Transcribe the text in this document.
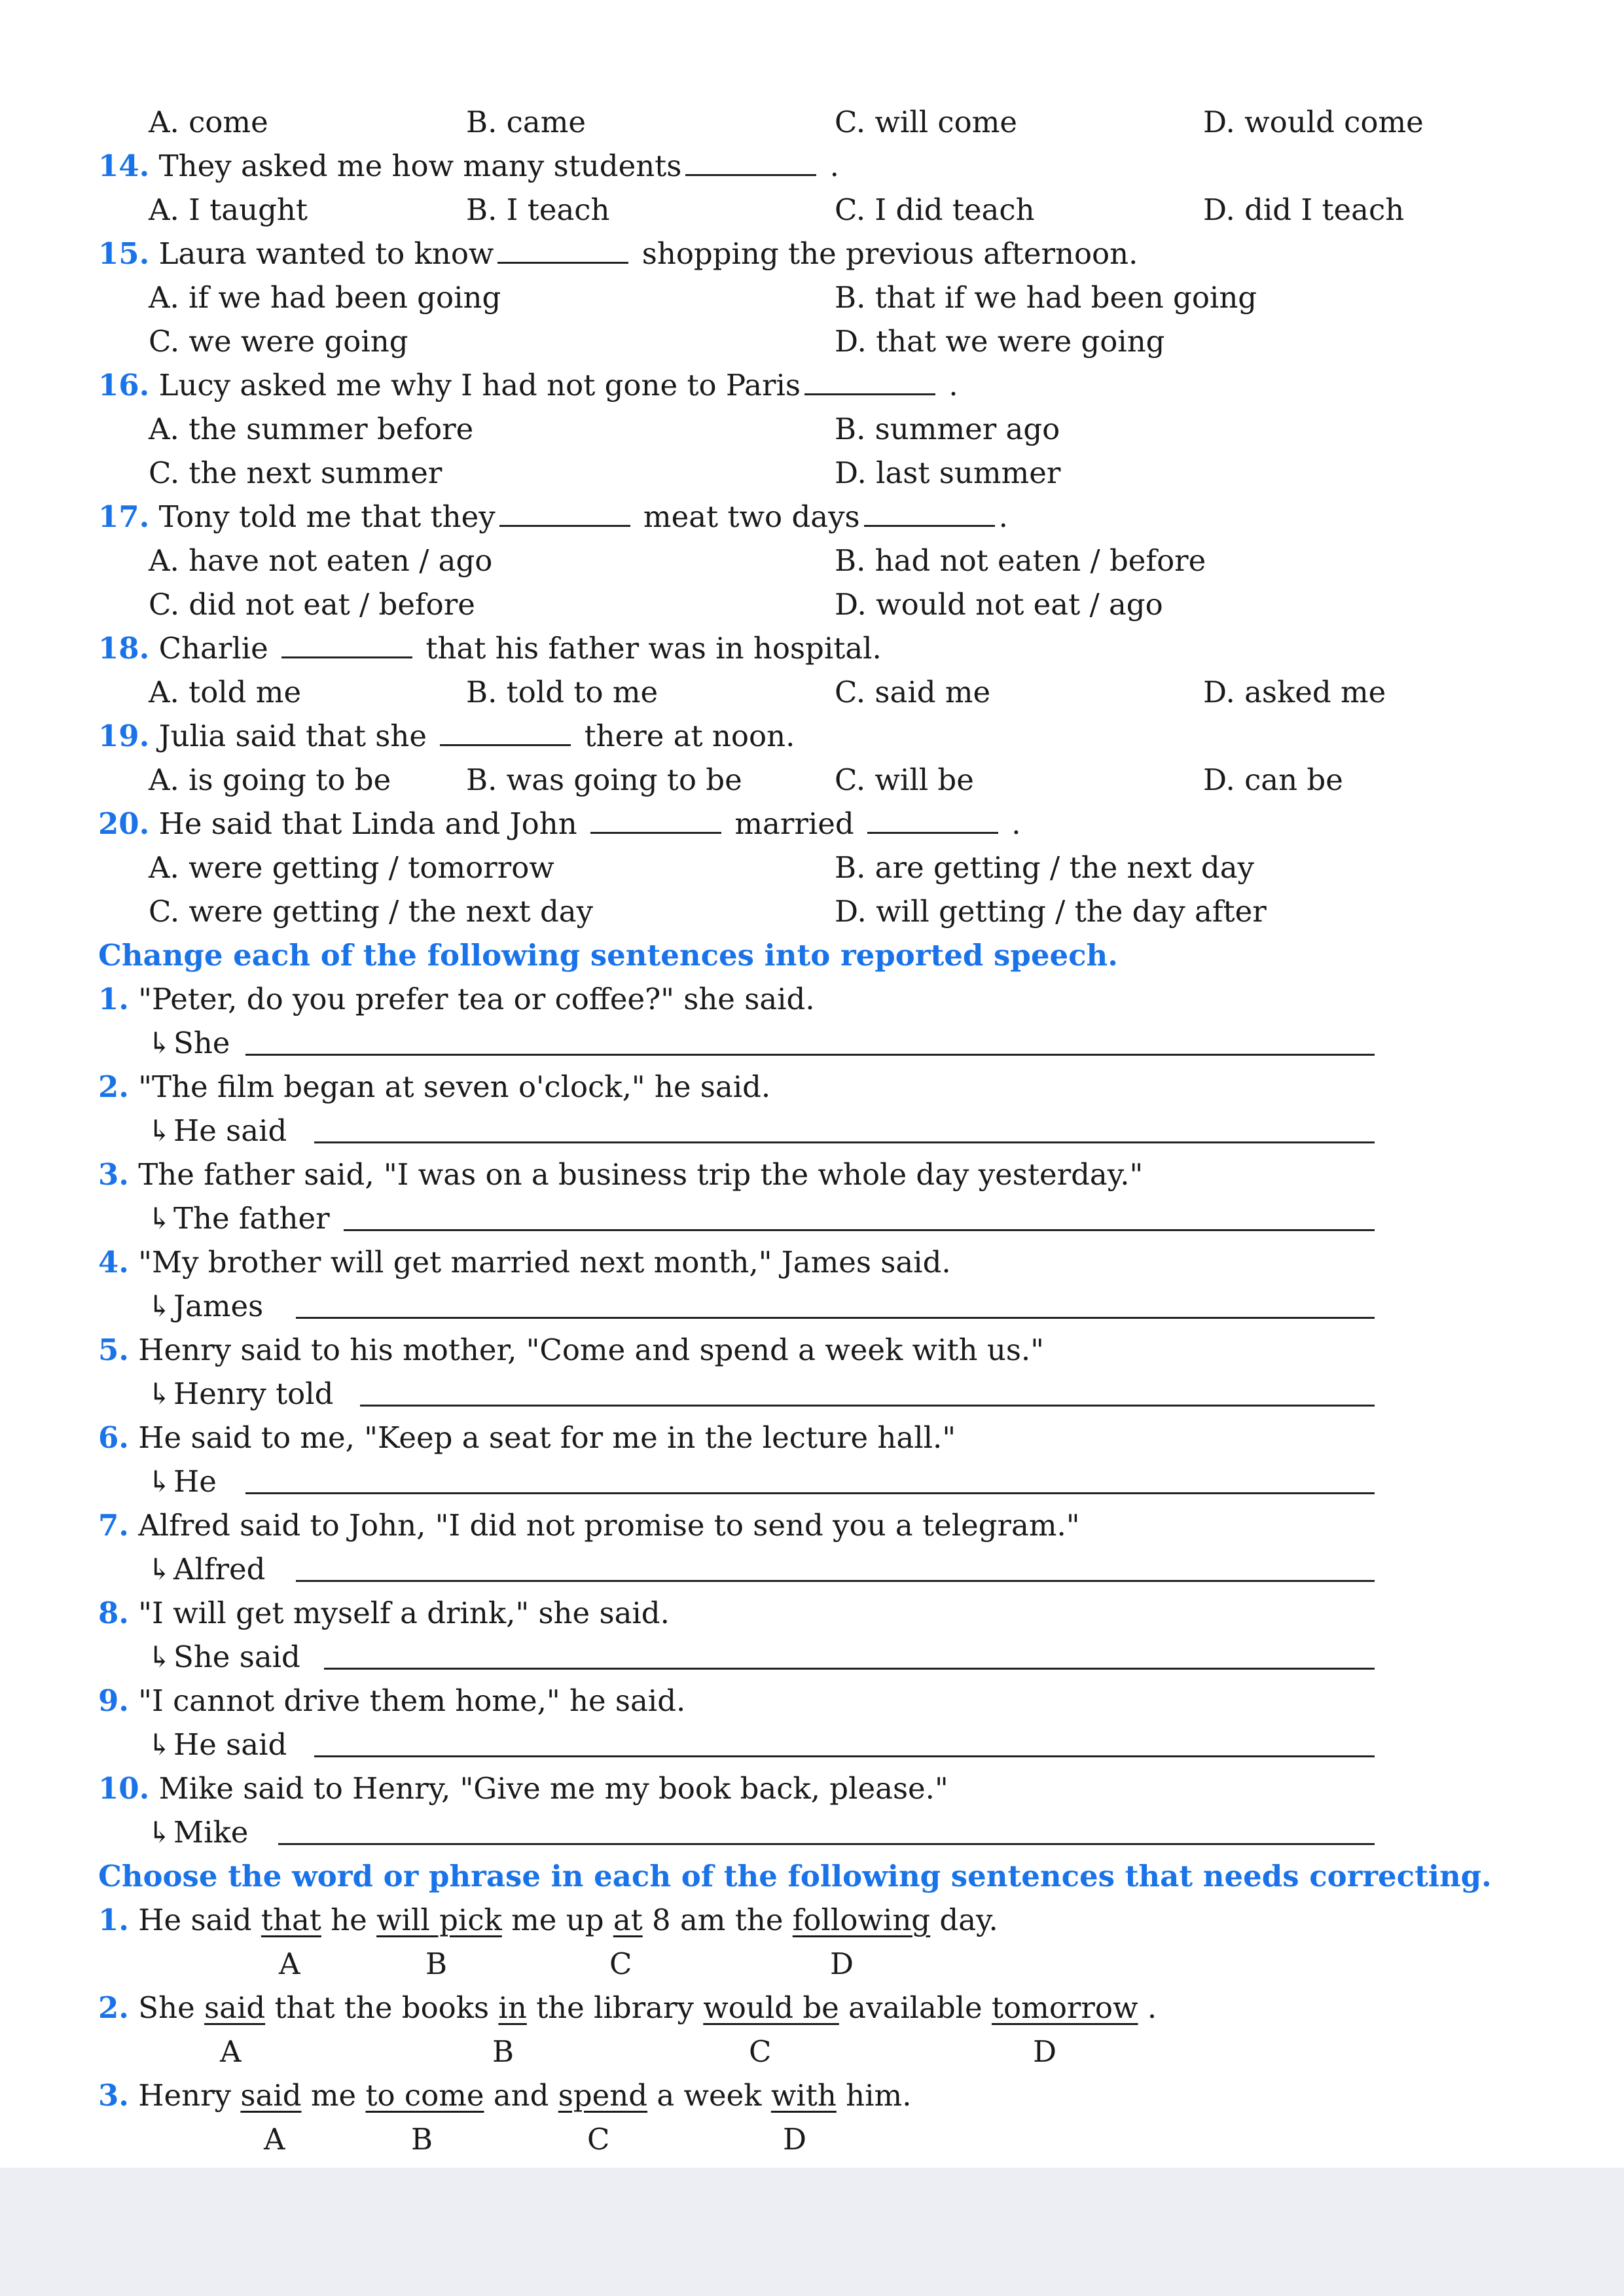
A. come	B. came	C. will come	D. would come
14. They asked me how many students	.
A. I taught	B. I teach	C. I did teach	D. did I teach
15. Laura wanted to know	shopping the previous afternoon.
A. if we had been going	B. that if we had been going
C. we were going	D. that we were going
16. Lucy asked me why I had not gone to Paris	.
A. the summer before	B. summer ago
C. the next summer	D. last summer
17. Tony told me that they	meat two days	.
A. have not eaten / ago	B. had not eaten / before
C. did not eat / before	D. would not eat / ago
18. Charlie	that his father was in hospital.
A. told me	B. told to me	C. said me	D. asked me
19. Julia said that she	there at noon.
A. is going to be	B. was going to be	C. will be	D. can be
20. He said that Linda and John	married	.
A. were getting / tomorrow	B. are getting / the next day
C. were getting / the next day	D. will getting / the day after
Change each of the following sentences into reported speech.
1. "Peter, do you prefer tea or coffee?" she said.
↳She
2. "The film began at seven o'clock," he said.
↳He said
3. The father said, "I was on a business trip the whole day yesterday."
↳The father
4. "My brother will get married next month," James said.
↳James
5. Henry said to his mother, "Come and spend a week with us."
↳Henry told
6. He said to me, "Keep a seat for me in the lecture hall."
↳He
7. Alfred said to John, "I did not promise to send you a telegram."
↳Alfred
8. "I will get myself a drink," she said.
↳She said
9. "I cannot drive them home," he said.
↳He said
10. Mike said to Henry, "Give me my book back, please."
↳Mike
Choose the word or phrase in each of the following sentences that needs correcting.
1. He said that he will pick me up at 8 am the following day.
A	B	C	D
2. She said that the books in the library would be available tomorrow .
A	B	C	D
3. Henry said me to come and spend a week with him.
A	B	C	D
